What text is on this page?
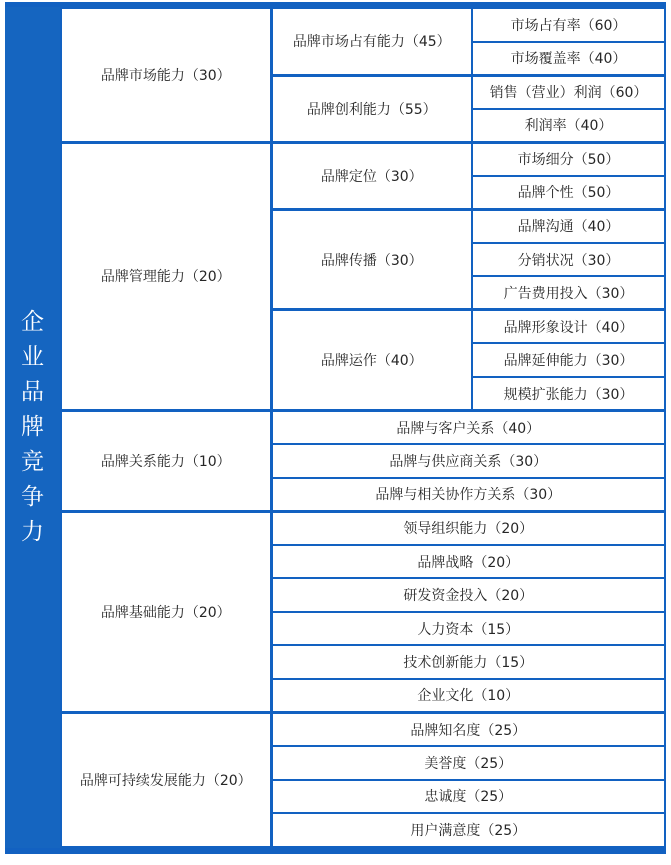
企
业
品
牌
竞
争
力
品牌市场能力（30）	品牌市场占有能力（45）	市场占有率（60）
		市场覆盖率（40）
	品牌创利能力（55）	销售（营业）利润（60）
		利润率（40）
品牌管理能力（20）	品牌定位（30）	市场细分（50）
		品牌个性（50）
	品牌传播（30）	品牌沟通（40）
		分销状况（30）
		广告费用投入（30）
	品牌运作（40）	品牌形象设计（40）
		品牌延伸能力（30）
		规模扩张能力（30）
品牌关系能力（10）	品牌与客户关系（40）	
	品牌与供应商关系（30）	
	品牌与相关协作方关系（30）	
品牌基础能力（20）	领导组织能力（20）	
	品牌战略（20）	
	研发资金投入（20）	
	人力资本（15）	
	技术创新能力（15）	
	企业文化（10）	
品牌可持续发展能力（20）	品牌知名度（25）	
	美誉度（25）	
	忠诚度（25）	
	用户满意度（25）	
